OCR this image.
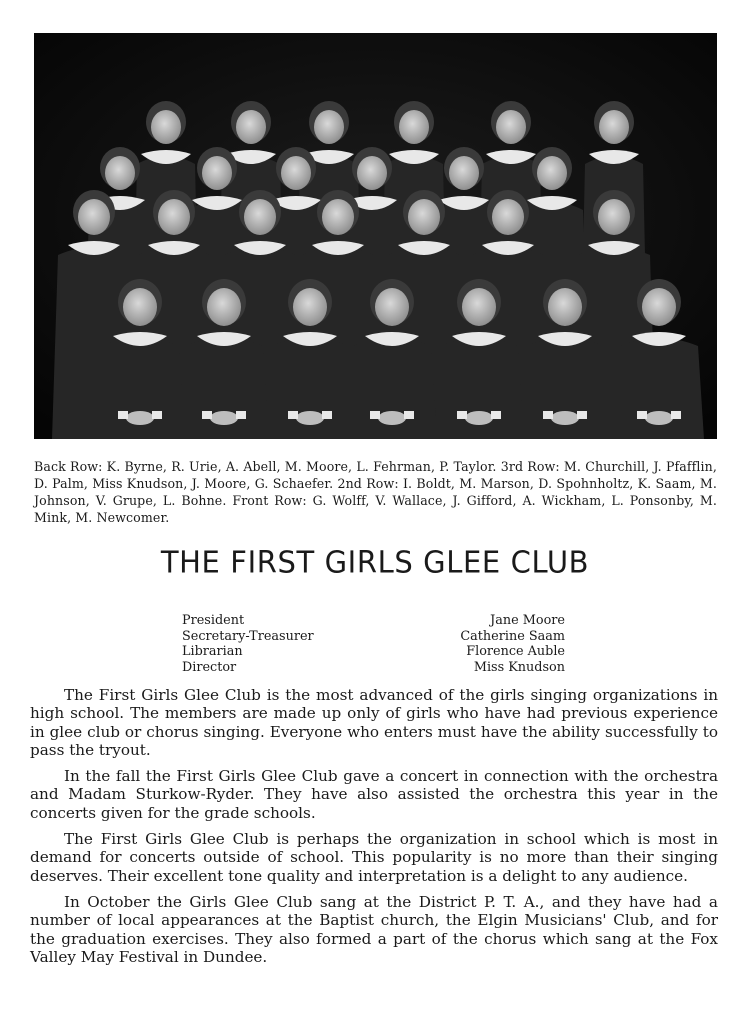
Back Row: K. Byrne, R. Urie, A. Abell, M. Moore, L. Fehrman, P. Taylor. 3rd Row: M. Churchill, J. Pfafflin, D. Palm, Miss Knudson, J. Moore, G. Schaefer. 2nd Row: I. Boldt, M. Marson, D. Spohnholtz, K. Saam, M. Johnson, V. Grupe, L. Bohne. Front Row: G. Wolff, V. Wallace, J. Gifford, A. Wickham, L. Ponsonby, M. Mink, M. Newcomer.
THE FIRST GIRLS GLEE CLUB
President	Jane Moore
Secretary-Treasurer	Catherine Saam
Librarian	Florence Auble
Director	Miss Knudson

The First Girls Glee Club is the most advanced of the girls singing organizations in high school. The members are made up only of girls who have had previous experience in glee club or chorus singing. Everyone who enters must have the ability successfully to pass the tryout.

In the fall the First Girls Glee Club gave a concert in connection with the orchestra and Madam Sturkow-Ryder. They have also assisted the orchestra this year in the concerts given for the grade schools.

The First Girls Glee Club is perhaps the organization in school which is most in demand for concerts outside of school. This popularity is no more than their singing deserves. Their excellent tone quality and interpretation is a delight to any audience.

In October the Girls Glee Club sang at the District P. T. A., and they have had a number of local appearances at the Baptist church, the Elgin Musicians' Club, and for the graduation exercises. They also formed a part of the chorus which sang at the Fox Valley May Festival in Dundee.
